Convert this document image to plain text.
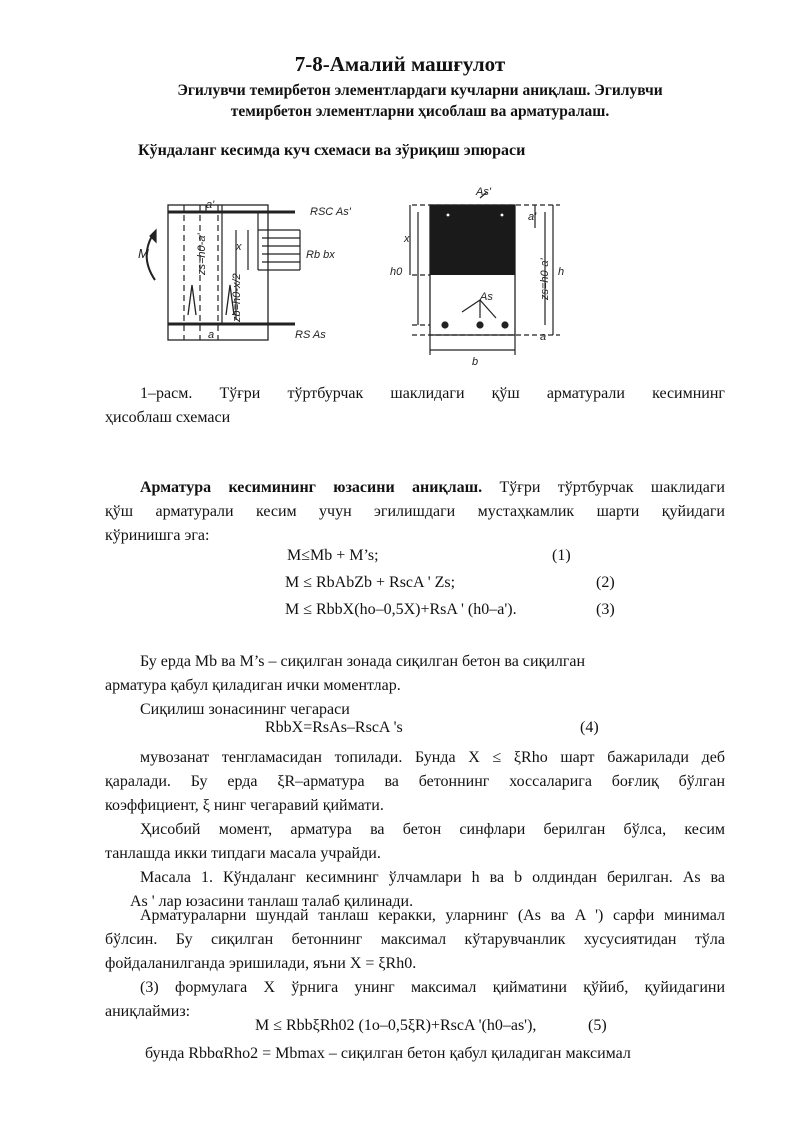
7-8-Амалий машғулот
Эгилувчи темирбетон элементлардаги кучларни аниқлаш. Эгилувчи
темирбетон элементларни ҳисоблаш ва арматуралаш.
Кўндаланг кесимда куч схемаси ва зўриқиш эпюраси
a'
RSC As'
x
zs=h0-a'	Rb bx
M
zb=h0-x/2
a	RS As
As'
x
h0
a'
zs=h0-a' h
As
a
b
1–расм. Тўғри тўртбурчак шаклидаги қўш арматурали кесимнинг
ҳисоблаш схемаси
Арматура кесимининг юзасини аниқлаш. Тўғри тўртбурчак шаклидаги
қўш арматурали кесим учун эгилишдаги мустаҳкамлик шарти қуйидаги
кўринишга эга:
M≤Mb + M’s;	(1)
M ≤ RbAbZb + RscA ' Zs;	(2)
M ≤ RbbX(ho–0,5X)+RsA ' (h0–a').	(3)
Бу ерда Mb ва M’s – сиқилган зонада сиқилган бетон ва сиқилган
арматура қабул қиладиган ички моментлар.
Сиқилиш зонасининг чегараси
RbbX=RsAs–RscA 's	(4)
мувозанат тенгламасидан топилади. Бунда X ≤ ξRho шарт бажарилади деб
қаралади. Бу ерда ξR–арматура ва бетоннинг хоссаларига боғлиқ бўлган
коэффициент, ξ нинг чегаравий қиймати.
Ҳисобий момент, арматура ва бетон синфлари берилган бўлса, кесим
танлашда икки типдаги масала учрайди.
Масала 1. Кўндаланг кесимнинг ўлчамлари h ва b олдиндан берилган. As ва
As ' лар юзасини танлаш талаб қилинади.
Арматураларни шундай танлаш керакки, уларнинг (As ва A ') сарфи минимал
бўлсин. Бу сиқилган бетоннинг максимал кўтарувчанлик хусусиятидан тўла
фойдаланилганда эришилади, яъни X = ξRh0.
(3) формулага X ўрнига унинг максимал қийматини қўйиб, қуйидагини
аниқлаймиз:
M ≤ RbbξRh02 (1o–0,5ξR)+RscA '(h0–as'),	(5)
бунда RbbαRho2 = Mbmax – сиқилган бетон қабул қиладиган максимал
